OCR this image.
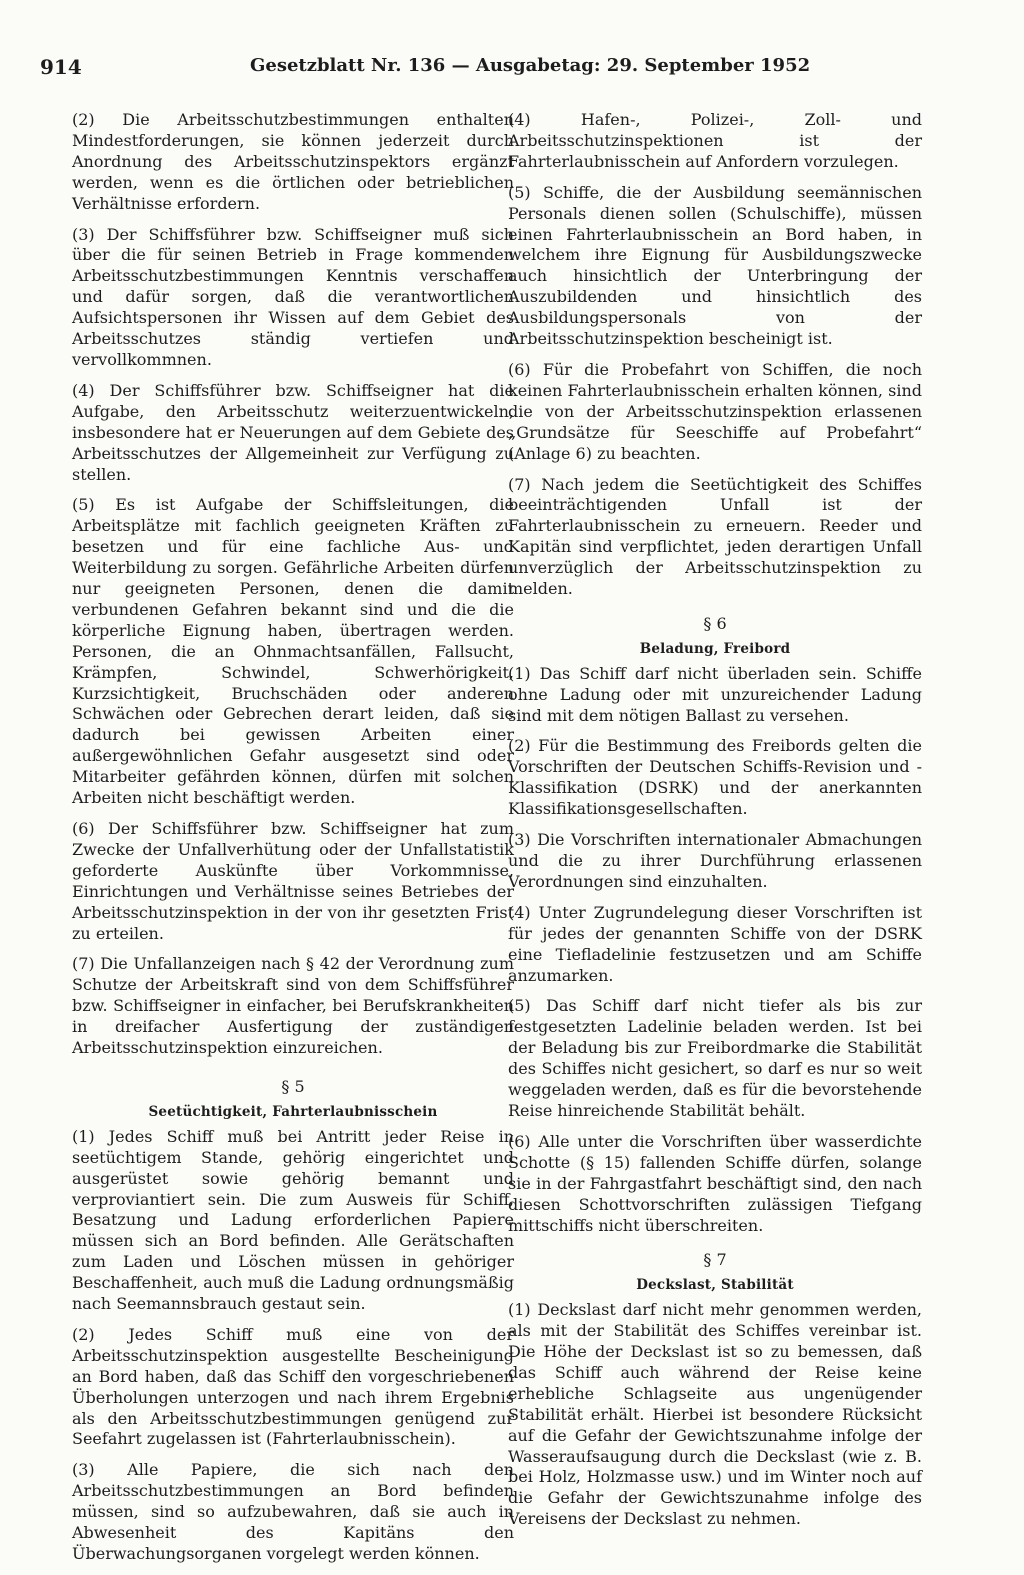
914	Gesetzblatt Nr. 136 — Ausgabetag: 29. September 1952

(2) Die Arbeitsschutzbestimmungen enthalten Mindestforderungen, sie können jederzeit durch Anordnung des Arbeitsschutzinspektors ergänzt werden, wenn es die örtlichen oder betrieblichen Verhältnisse erfordern.

(3) Der Schiffsführer bzw. Schiffseigner muß sich über die für seinen Betrieb in Frage kommenden Arbeitsschutzbestimmungen Kenntnis verschaffen und dafür sorgen, daß die verantwortlichen Aufsichtspersonen ihr Wissen auf dem Gebiet des Arbeitsschutzes ständig vertiefen und vervollkommnen.

(4) Der Schiffsführer bzw. Schiffseigner hat die Aufgabe, den Arbeitsschutz weiterzuentwickeln, insbesondere hat er Neuerungen auf dem Gebiete des Arbeitsschutzes der Allgemeinheit zur Verfügung zu stellen.

(5) Es ist Aufgabe der Schiffsleitungen, die Arbeitsplätze mit fachlich geeigneten Kräften zu besetzen und für eine fachliche Aus- und Weiterbildung zu sorgen. Gefährliche Arbeiten dürfen nur geeigneten Personen, denen die damit verbundenen Gefahren bekannt sind und die die körperliche Eignung haben, übertragen werden. Personen, die an Ohnmachtsanfällen, Fallsucht, Krämpfen, Schwindel, Schwerhörigkeit, Kurzsichtigkeit, Bruchschäden oder anderen Schwächen oder Gebrechen derart leiden, daß sie dadurch bei gewissen Arbeiten einer außergewöhnlichen Gefahr ausgesetzt sind oder Mitarbeiter gefährden können, dürfen mit solchen Arbeiten nicht beschäftigt werden.

(6) Der Schiffsführer bzw. Schiffseigner hat zum Zwecke der Unfallverhütung oder der Unfallstatistik geforderte Auskünfte über Vorkommnisse, Einrichtungen und Verhältnisse seines Betriebes der Arbeitsschutzinspektion in der von ihr gesetzten Frist zu erteilen.

(7) Die Unfallanzeigen nach § 42 der Verordnung zum Schutze der Arbeitskraft sind von dem Schiffsführer bzw. Schiffseigner in einfacher, bei Berufskrankheiten in dreifacher Ausfertigung der zuständigen Arbeitsschutzinspektion einzureichen.

§ 5

Seetüchtigkeit, Fahrterlaubnisschein

(1) Jedes Schiff muß bei Antritt jeder Reise in seetüchtigem Stande, gehörig eingerichtet und ausgerüstet sowie gehörig bemannt und verproviantiert sein. Die zum Ausweis für Schiff, Besatzung und Ladung erforderlichen Papiere müssen sich an Bord befinden. Alle Gerätschaften zum Laden und Löschen müssen in gehöriger Beschaffenheit, auch muß die Ladung ordnungsmäßig nach Seemannsbrauch gestaut sein.

(2) Jedes Schiff muß eine von der Arbeitsschutzinspektion ausgestellte Bescheinigung an Bord haben, daß das Schiff den vorgeschriebenen Überholungen unterzogen und nach ihrem Ergebnis als den Arbeitsschutzbestimmungen genügend zur Seefahrt zugelassen ist (Fahrterlaubnisschein).

(3) Alle Papiere, die sich nach den Arbeitsschutzbestimmungen an Bord befinden müssen, sind so aufzubewahren, daß sie auch in Abwesenheit des Kapitäns den Überwachungsorganen vorgelegt werden können.

(4) Hafen-, Polizei-, Zoll- und Arbeitsschutzinspektionen ist der Fahrterlaubnisschein auf Anfordern vorzulegen.

(5) Schiffe, die der Ausbildung seemännischen Personals dienen sollen (Schulschiffe), müssen einen Fahrterlaubnisschein an Bord haben, in welchem ihre Eignung für Ausbildungszwecke auch hinsichtlich der Unterbringung der Auszubildenden und hinsichtlich des Ausbildungspersonals von der Arbeitsschutzinspektion bescheinigt ist.

(6) Für die Probefahrt von Schiffen, die noch keinen Fahrterlaubnisschein erhalten können, sind die von der Arbeitsschutzinspektion erlassenen „Grundsätze für Seeschiffe auf Probefahrt“ (Anlage 6) zu beachten.

(7) Nach jedem die Seetüchtigkeit des Schiffes beeinträchtigenden Unfall ist der Fahrterlaubnisschein zu erneuern. Reeder und Kapitän sind verpflichtet, jeden derartigen Unfall unverzüglich der Arbeitsschutzinspektion zu melden.

§ 6

Beladung, Freibord

(1) Das Schiff darf nicht überladen sein. Schiffe ohne Ladung oder mit unzureichender Ladung sind mit dem nötigen Ballast zu versehen.

(2) Für die Bestimmung des Freibords gelten die Vorschriften der Deutschen Schiffs-Revision und -Klassifikation (DSRK) und der anerkannten Klassifikationsgesellschaften.

(3) Die Vorschriften internationaler Abmachungen und die zu ihrer Durchführung erlassenen Verordnungen sind einzuhalten.

(4) Unter Zugrundelegung dieser Vorschriften ist für jedes der genannten Schiffe von der DSRK eine Tiefladelinie festzusetzen und am Schiffe anzumarken.

(5) Das Schiff darf nicht tiefer als bis zur festgesetzten Ladelinie beladen werden. Ist bei der Beladung bis zur Freibordmarke die Stabilität des Schiffes nicht gesichert, so darf es nur so weit weggeladen werden, daß es für die bevorstehende Reise hinreichende Stabilität behält.

(6) Alle unter die Vorschriften über wasserdichte Schotte (§ 15) fallenden Schiffe dürfen, solange sie in der Fahrgastfahrt beschäftigt sind, den nach diesen Schottvorschriften zulässigen Tiefgang mittschiffs nicht überschreiten.

§ 7

Deckslast, Stabilität

(1) Deckslast darf nicht mehr genommen werden, als mit der Stabilität des Schiffes vereinbar ist. Die Höhe der Deckslast ist so zu bemessen, daß das Schiff auch während der Reise keine erhebliche Schlagseite aus ungenügender Stabilität erhält. Hierbei ist besondere Rücksicht auf die Gefahr der Gewichtszunahme infolge der Wasseraufsaugung durch die Deckslast (wie z. B. bei Holz, Holzmasse usw.) und im Winter noch auf die Gefahr der Gewichtszunahme infolge des Vereisens der Deckslast zu nehmen.
